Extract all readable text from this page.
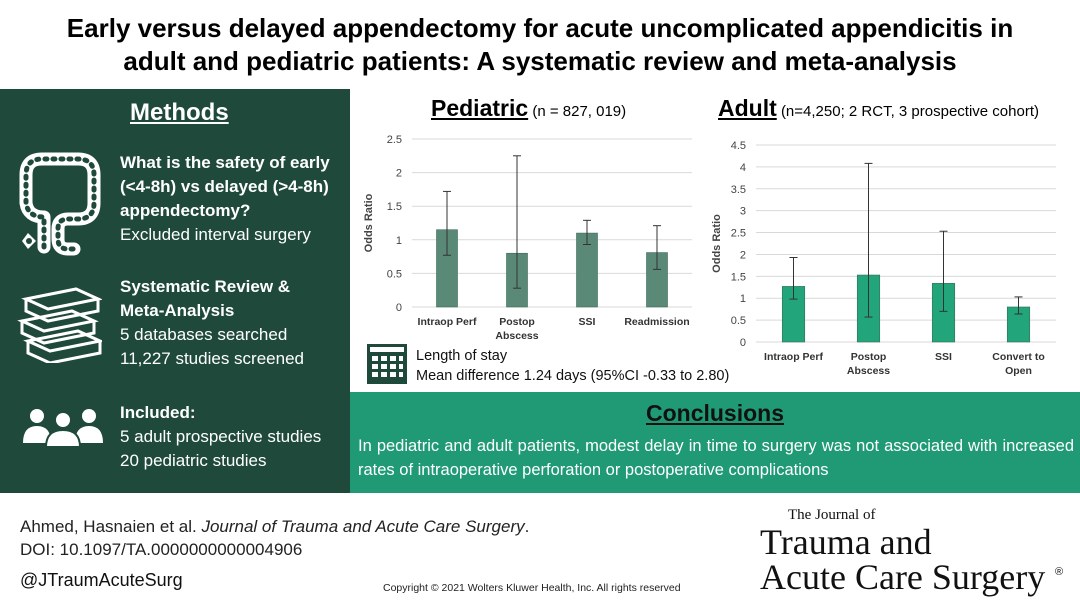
Early versus delayed appendectomy for acute uncomplicated appendicitis in
adult and pediatric patients: A systematic review and meta-analysis
Methods
What is the safety of early
(<4-8h) vs delayed (>4-8h)
appendectomy?
Excluded interval surgery
Systematic Review &
Meta-Analysis
5 databases searched
11,227 studies screened
Included:
5 adult prospective studies
20 pediatric studies
Pediatric (n = 827, 019)
0
0.5
1
1.5
2
2.5
Odds Ratio
Intraop Perf Postop
Abscess
SSI	Readmission
Adult (n=4,250; 2 RCT, 3 prospective cohort)
0
0.5
1
1.5
2
2.5
3
3.5
4
4.5
Odds Ratio
Intraop Perf	Postop
Abscess
SSI	Convert to
Open
Length of stay
Mean difference 1.24 days (95%CI -0.33 to 2.80)
Conclusions
In pediatric and adult patients, modest delay in time to surgery was not associated with increased rates of intraoperative perforation or postoperative complications
Ahmed, Hasnaien et al. Journal of Trauma and Acute Care Surgery.
DOI: 10.1097/TA.0000000000004906
@JTraumAcuteSurg	Copyright © 2021 Wolters Kluwer Health, Inc. All rights reserved
The Journal of
Trauma and
Acute Care Surgery ®
